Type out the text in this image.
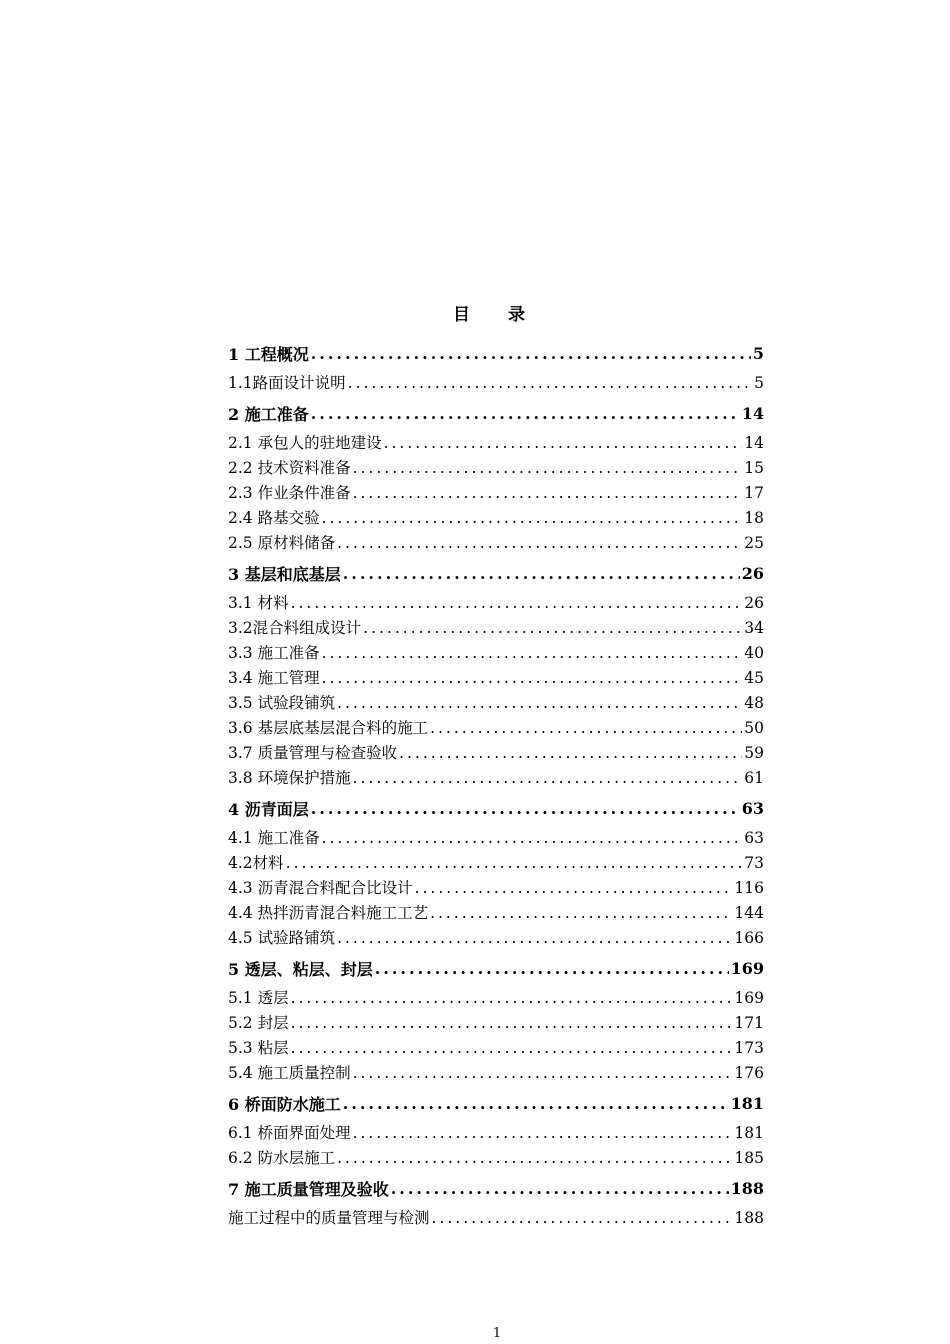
目 录
1 工程概况 .....	5
1.1路面设计说明 .....	5
2 施工准备 .....	14
2.1 承包人的驻地建设 .....	14
2.2 技术资料准备 .....	15
2.3 作业条件准备 .....	17
2.4 路基交验 .....	18
2.5 原材料储备 .....	25
3 基层和底基层 .....	26
3.1 材料 .....	26
3.2混合料组成设计 .....	34
3.3 施工准备 .....	40
3.4 施工管理 .....	45
3.5 试验段铺筑 .....	48
3.6 基层底基层混合料的施工 .....	50
3.7 质量管理与检查验收 .....	59
3.8 环境保护措施 .....	61
4 沥青面层 .....	63
4.1 施工准备 .....	63
4.2材料 .....	73
4.3 沥青混合料配合比设计 .....	116
4.4 热拌沥青混合料施工工艺 .....	144
4.5 试验路铺筑 .....	166
5 透层、粘层、封层 .....	169
5.1 透层 .....	169
5.2 封层 .....	171
5.3 粘层 .....	173
5.4 施工质量控制 .....	176
6 桥面防水施工 .....	181
6.1 桥面界面处理 .....	181
6.2 防水层施工 .....	185
7 施工质量管理及验收 .....	188
施工过程中的质量管理与检测 .....	188
1
